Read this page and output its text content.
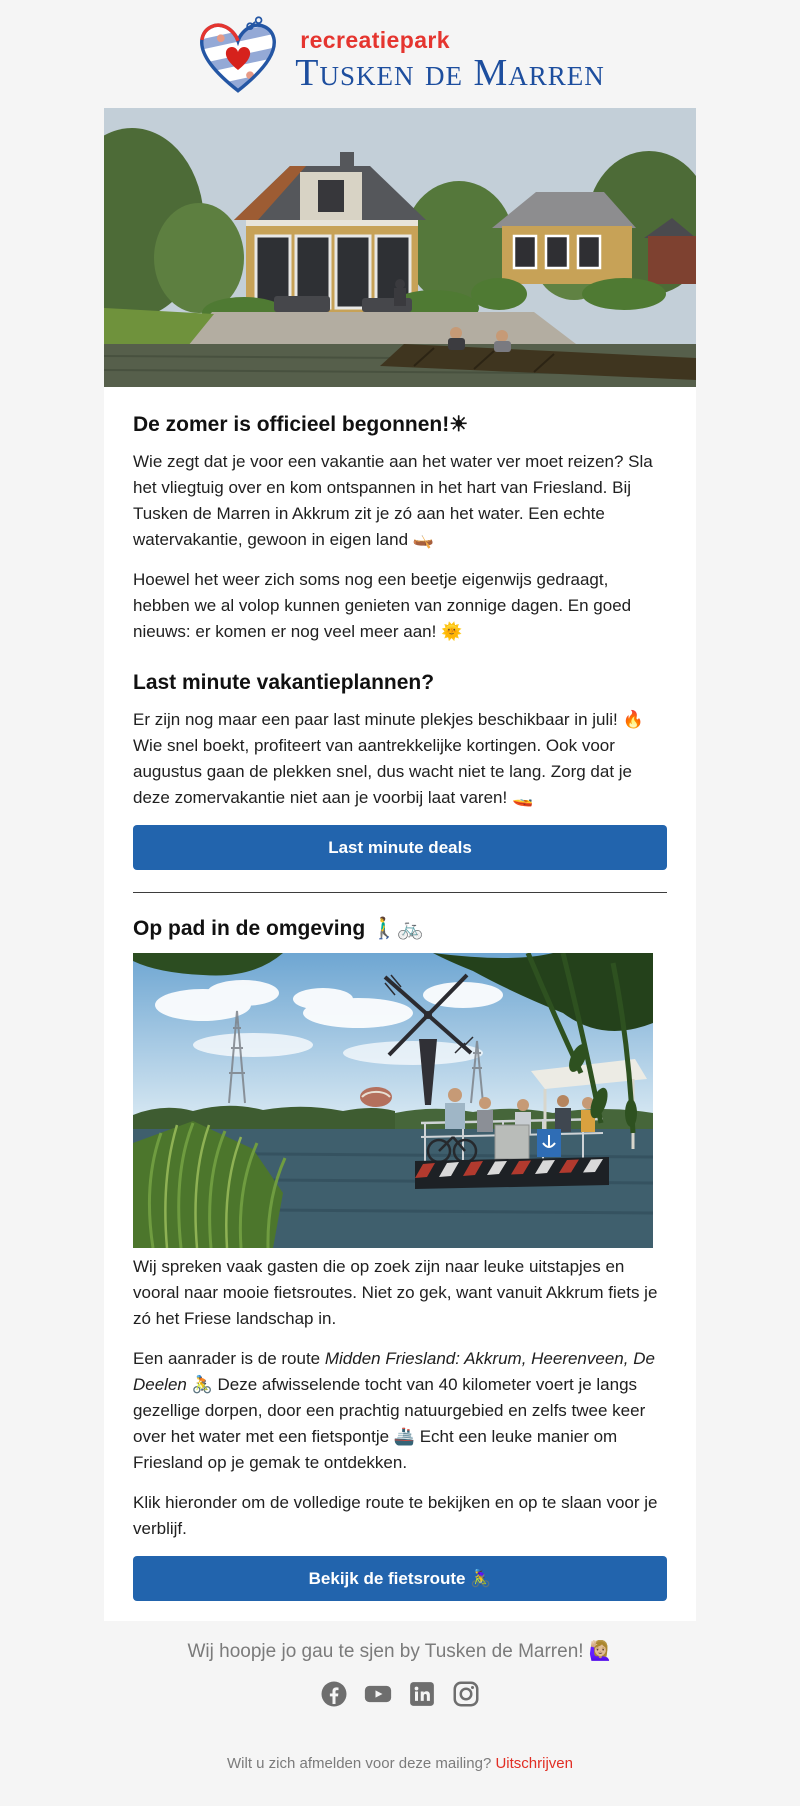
recreatiepark
Tusken de Marren
De zomer is officieel begonnen!☀

Wie zegt dat je voor een vakantie aan het water ver moet reizen? Sla het vliegtuig over en kom ontspannen in het hart van Friesland. Bij Tusken de Marren in Akkrum zit je zó aan het water. Een echte watervakantie, gewoon in eigen land 🛶

Hoewel het weer zich soms nog een beetje eigenwijs gedraagt, hebben we al volop kunnen genieten van zonnige dagen. En goed nieuws: er komen er nog veel meer aan! 🌞

Last minute vakantieplannen?

Er zijn nog maar een paar last minute plekjes beschikbaar in juli! 🔥 Wie snel boekt, profiteert van aantrekkelijke kortingen. Ook voor augustus gaan de plekken snel, dus wacht niet te lang. Zorg dat je deze zomervakantie niet aan je voorbij laat varen! 🚤

Last minute deals
Op pad in de omgeving 🚶‍♂️🚲

Wij spreken vaak gasten die op zoek zijn naar leuke uitstapjes en vooral naar mooie fietsroutes. Niet zo gek, want vanuit Akkrum fiets je zó het Friese landschap in.

Een aanrader is de route Midden Friesland: Akkrum, Heerenveen, De Deelen 🚴 Deze afwisselende tocht van 40 kilometer voert je langs gezellige dorpen, door een prachtig natuurgebied en zelfs twee keer over het water met een fietspontje 🚢 Echt een leuke manier om Friesland op je gemak te ontdekken.

Klik hieronder om de volledige route te bekijken en op te slaan voor je verblijf.

Bekijk de fietsroute 🚴‍♀️
Wij hoopje jo gau te sjen by Tusken de Marren! 🙋🏼‍♀️
Wilt u zich afmelden voor deze mailing? Uitschrijven
